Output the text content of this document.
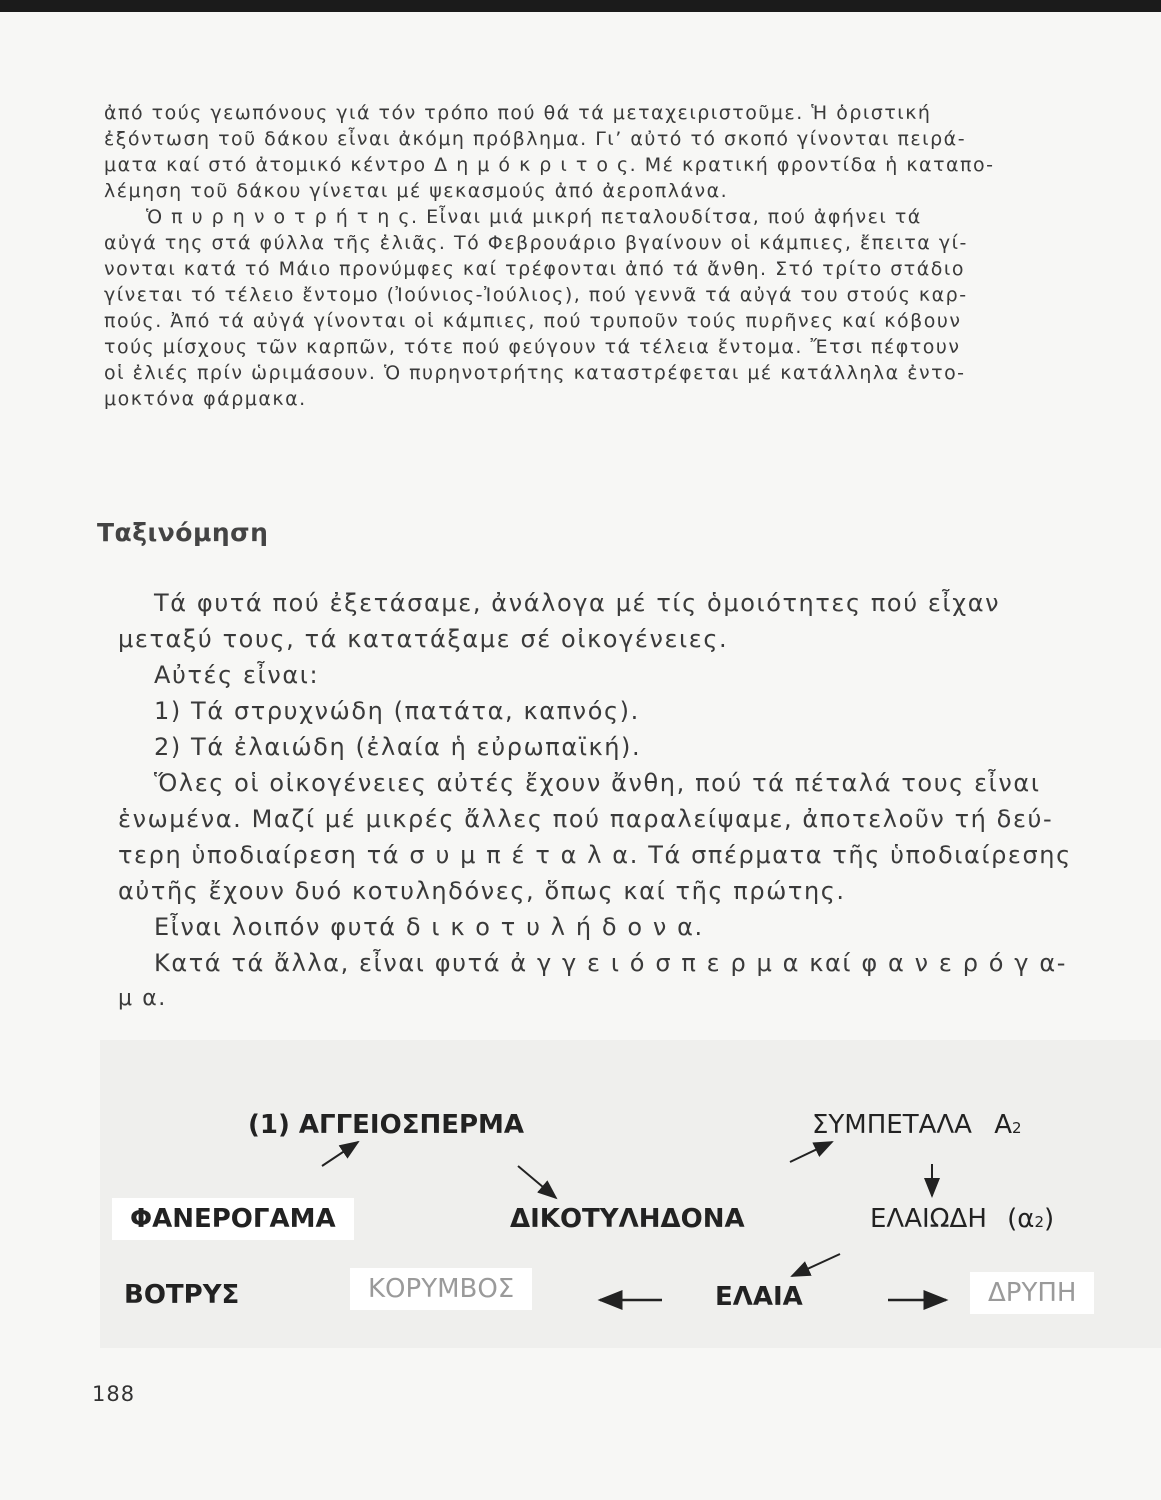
ἀπό τούς γεωπόνους γιά τόν τρόπο πού θά τά μεταχειριστοῦμε. Ἡ ὁριστική
ἐξόντωση τοῦ δάκου εἶναι ἀκόμη πρόβλημα. Γι’ αὐτό τό σκοπό γίνονται πειρά-
ματα καί στό ἀτομικό κέντρο Δ η μ ό κ ρ ι τ ο ς. Μέ κρατική φροντίδα ἡ καταπο-
λέμηση τοῦ δάκου γίνεται μέ ψεκασμούς ἀπό ἀεροπλάνα.
Ὁ π υ ρ η ν ο τ ρ ή τ η ς. Εἶναι μιά μικρή πεταλουδίτσα, πού ἀφήνει τά
αὐγά της στά φύλλα τῆς ἐλιᾶς. Τό Φεβρουάριο βγαίνουν οἱ κάμπιες, ἔπειτα γί-
νονται κατά τό Μάιο προνύμφες καί τρέφονται ἀπό τά ἄνθη. Στό τρίτο στάδιο
γίνεται τό τέλειο ἔντομο (Ἰούνιος-Ἰούλιος), πού γεννᾶ τά αὐγά του στούς καρ-
πούς. Ἀπό τά αὐγά γίνονται οἱ κάμπιες, πού τρυποῦν τούς πυρῆνες καί κόβουν
τούς μίσχους τῶν καρπῶν, τότε πού φεύγουν τά τέλεια ἔντομα. Ἔτσι πέφτουν
οἱ ἐλιές πρίν ὡριμάσουν. Ὁ πυρηνοτρήτης καταστρέφεται μέ κατάλληλα ἐντο-
μοκτόνα φάρμακα.
Ταξινόμηση
Τά φυτά πού ἐξετάσαμε, ἀνάλογα μέ τίς ὁμοιότητες πού εἶχαν
μεταξύ τους, τά κατατάξαμε σέ οἰκογένειες.
Αὐτές εἶναι:
1) Τά στρυχνώδη (πατάτα, καπνός).
2) Τά ἐλαιώδη (ἐλαία ἡ εὐρωπαϊκή).
Ὅλες οἱ οἰκογένειες αὐτές ἔχουν ἄνθη, πού τά πέταλά τους εἶναι
ἑνωμένα. Μαζί μέ μικρές ἄλλες πού παραλείψαμε, ἀποτελοῦν τή δεύ-
τερη ὑποδιαίρεση τά σ υ μ π έ τ α λ α. Τά σπέρματα τῆς ὑποδιαίρεσης
αὐτῆς ἔχουν δυό κοτυληδόνες, ὅπως καί τῆς πρώτης.
Εἶναι λοιπόν φυτά δ ι κ ο τ υ λ ή δ ο ν α.
Κατά τά ἄλλα, εἶναι φυτά ἀ γ γ ε ι ό σ π ε ρ μ α καί φ α ν ε ρ ό γ α-
μ α.
(1) ΑΓΓΕΙΟΣΠΕΡΜΑ	ΣΥΜΠΕΤΑΛΑ A2
ΦΑΝΕΡΟΓΑΜΑ	ΔΙΚΟΤΥΛΗΔΟΝΑ	ΕΛΑΙΩΔΗ (α2)
ΒΟΤΡΥΣ	ΚΟΡΥΜΒΟΣ	ΕΛΑΙΑ	ΔΡΥΠΗ
188
